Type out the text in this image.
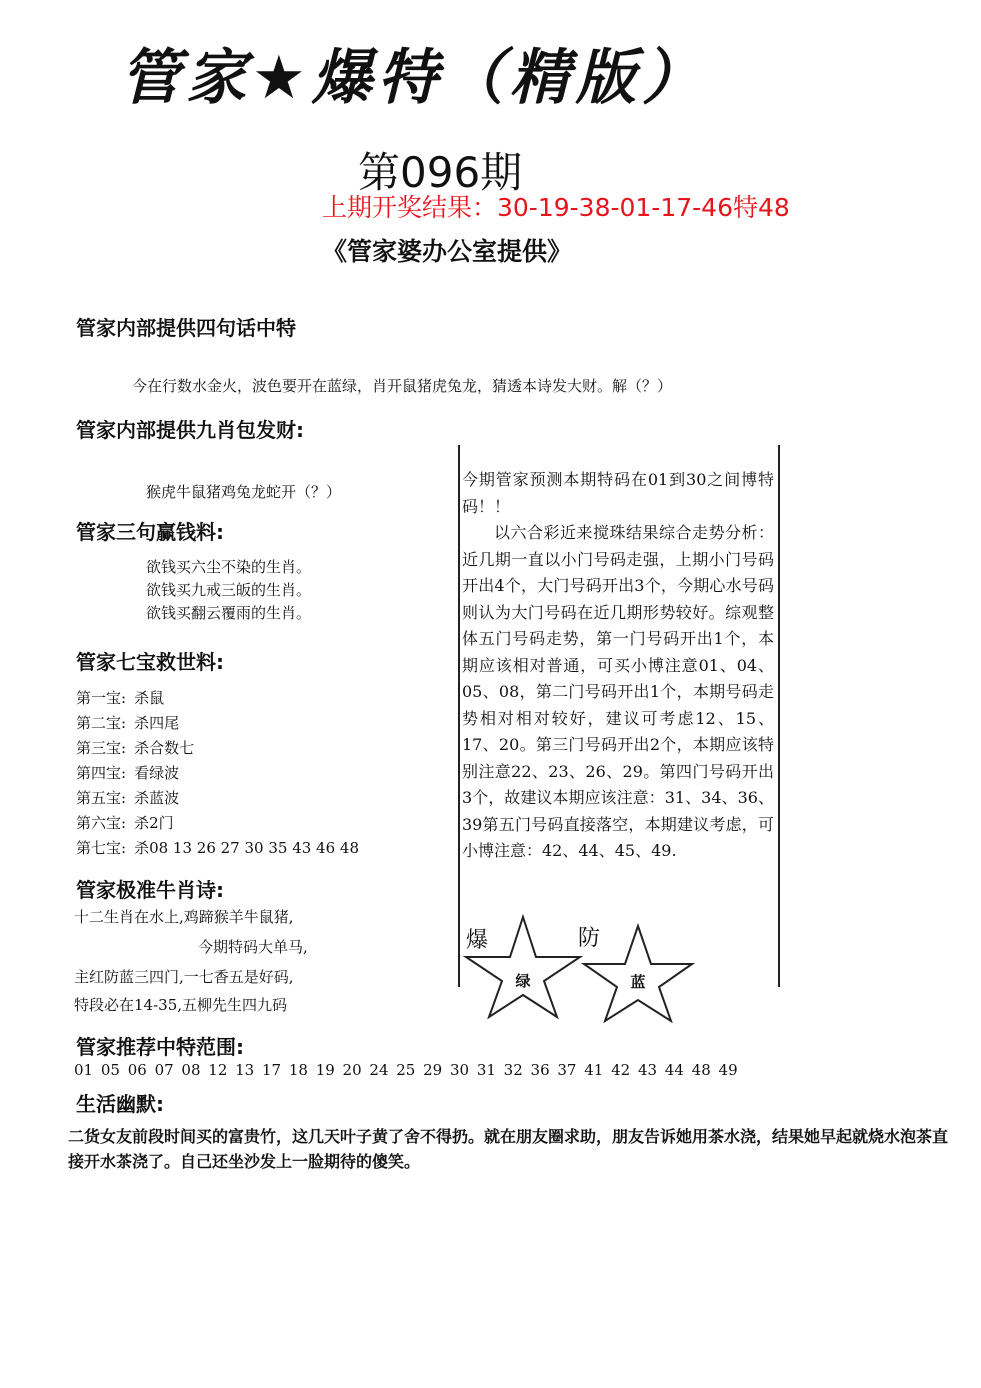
管家★爆特（精版）
第096期
上期开奖结果：30-19-38-01-17-46特48
《管家婆办公室提供》
管家内部提供四句话中特
今在行数水金火，波色要开在蓝绿，肖开鼠猪虎兔龙，猜透本诗发大财。解（？）
管家内部提供九肖包发财:
猴虎牛鼠猪鸡兔龙蛇开（？）
管家三句赢钱料:
欲钱买六尘不染的生肖。
欲钱买九戒三皈的生肖。
欲钱买翻云覆雨的生肖。
管家七宝救世料:
第一宝: 杀鼠
第二宝: 杀四尾
第三宝: 杀合数七
第四宝: 看绿波
第五宝: 杀蓝波
第六宝: 杀2门
第七宝: 杀08 13 26 27 30 35 43 46 48
管家极准牛肖诗:
十二生肖在水上,鸡蹄猴羊牛鼠猪,
今期特码大单马,
主红防蓝三四门,一七香五是好码,
特段必在14-35,五柳先生四九码
管家推荐中特范围:
01 05 06 07 08 12 13 17 18 19 20 24 25 29 30 31 32 36 37 41 42 43 44 48 49
生活幽默:
二货女友前段时间买的富贵竹，这几天叶子黄了舍不得扔。就在朋友圈求助，朋友告诉她用茶水浇，结果她早起就烧水泡茶直接开水茶浇了。自己还坐沙发上一脸期待的傻笑。

今期管家预测本期特码在01到30之间博特码！！

以六合彩近来搅珠结果综合走势分析：近几期一直以小门号码走强，上期小门号码开出4个，大门号码开出3个，今期心水号码则认为大门号码在近几期形势较好。综观整体五门号码走势，第一门号码开出1个，本期应该相对普通，可买小博注意01、04、05、08，第二门号码开出1个，本期号码走势相对相对较好，建议可考虑12、15、17、20。第三门号码开出2个，本期应该特别注意22、23、26、29。第四门号码开出3个，故建议本期应该注意：31、34、36、39第五门号码直接落空，本期建议考虑，可小博注意：42、44、45、49.

爆
绿
防
蓝
